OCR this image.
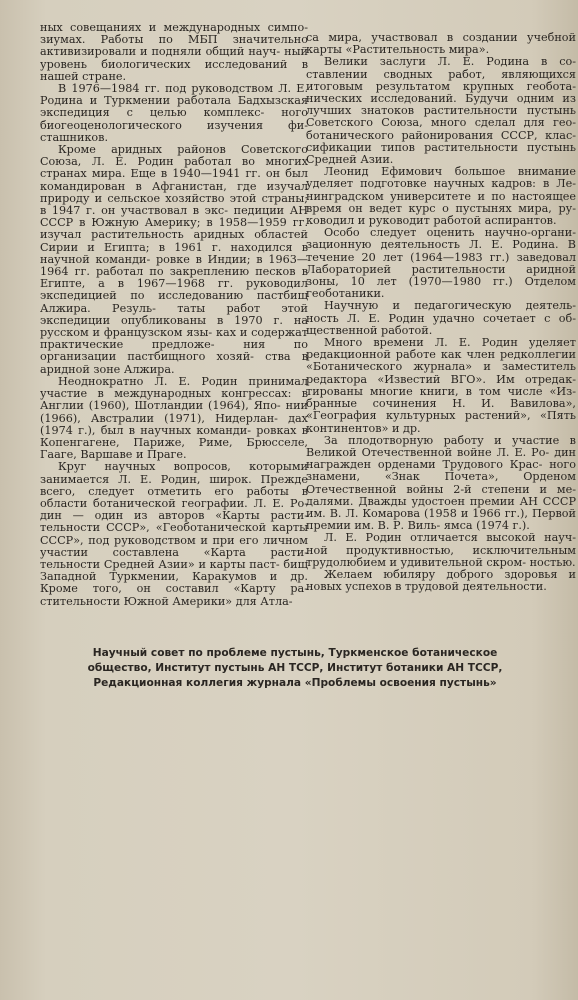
ных совещаниях и международных симпо- зиумах. Работы по МБП значительно активизировали и подняли общий науч- ный уровень биологических исследований в нашей стране.

В 1976—1984 гг. под руководством Л. Е. Родина и Туркмении работала Бадхызская экспедиция с целью комплекс- ного биогеоценологического изучения фи- сташников.

Кроме аридных районов Советского Союза, Л. Е. Родин работал во многих странах мира. Еще в 1940—1941 гг. он был командирован в Афганистан, где изучал природу и сельское хозяйство этой страны; в 1947 г. он участвовал в экс- педиции АН СССР в Южную Америку; в 1958—1959 гг. изучал растительность аридных областей Сирии и Египта; в 1961 г. находился в научной команди- ровке в Индии; в 1963—1964 гг. работал по закреплению песков в Египте, а в 1967—1968 гг. руководил экспедицией по исследованию пастбищ Алжира. Резуль- таты работ этой экспедиции опубликованы в 1970 г. на русском и французском язы- ках и содержат практические предложе- ния по организации пастбищного хозяй- ства в аридной зоне Алжира.

Неоднократно Л. Е. Родин принимал участие в международных конгрессах: в Англии (1960), Шотландии (1964), Япо- нии (1966), Австралии (1971), Нидерлан- дах (1974 г.), был в научных команди- ровках в Копенгагене, Париже, Риме, Брюсселе, Гааге, Варшаве и Праге.

Круг научных вопросов, которыми занимается Л. Е. Родин, широк. Прежде всего, следует отметить его работы в области ботанической географии. Л. Е. Ро- дин — один из авторов «Карты расти- тельности СССР», «Геоботанической карты СССР», под руководством и при его личном участии составлена «Карта расти- тельности Средней Азии» и карты паст- бищ Западной Туркмении, Каракумов и др. Кроме того, он составил «Карту ра- стительности Южной Америки» для Атла-

са мира, участвовал в создании учебной карты «Растительность мира».

Велики заслуги Л. Е. Родина в со- ставлении сводных работ, являющихся итоговым результатом крупных геобота- нических исследований. Будучи одним из лучших знатоков растительности пустынь Советского Союза, много сделал для гео- ботанического районирования СССР, клас- сификации типов растительности пустынь Средней Азии.

Леонид Ефимович большое внимание уделяет подготовке научных кадров: в Ле- нинградском университете и по настоящее время он ведет курс о пустынях мира, ру- ководил и руководит работой аспирантов.

Особо следует оценить научно-органи- зационную деятельность Л. Е. Родина. В течение 20 лет (1964—1983 гг.) заведовал Лабораторией растительности аридной зоны, 10 лет (1970—1980 гг.) Отделом геоботаники.

Научную и педагогическую деятель- ность Л. Е. Родин удачно сочетает с об- щественной работой.

Много времени Л. Е. Родин уделяет редакционной работе как член редколлегии «Ботанического журнала» и заместитель редактора «Известий ВГО». Им отредак- тированы многие книги, в том числе «Из- бранные сочинения Н. И. Вавилова», «География культурных растений», «Пять континентов» и др.

За плодотворную работу и участие в Великой Отечественной войне Л. Е. Ро- дин награжден орденами Трудового Крас- ного знамени, «Знак Почета», Орденом Отечественной войны 2-й степени и ме- далями. Дважды удостоен премии АН СССР им. В. Л. Комарова (1958 и 1966 гг.), Первой премии им. В. Р. Виль- ямса (1974 г.).

Л. Е. Родин отличается высокой науч- ной продуктивностью, исключительным трудолюбием и удивительной скром- ностью.

Желаем юбиляру доброго здоровья и новых успехов в трудовой деятельности.

Научный совет по проблеме пустынь, Туркменское ботаническое
общество, Институт пустынь АН ТССР, Институт ботаники АН ТССР,
Редакционная коллегия журнала «Проблемы освоения пустынь»
